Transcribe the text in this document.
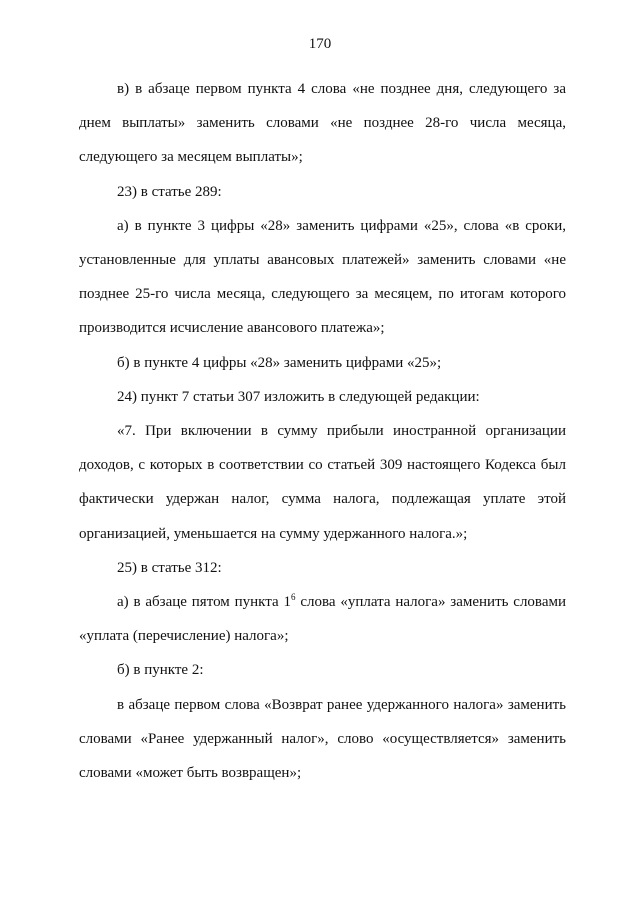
170

в) в абзаце первом пункта 4 слова «не позднее дня, следующего за днем выплаты» заменить словами «не позднее 28-го числа месяца, следующего за месяцем выплаты»;

23) в статье 289:

а) в пункте 3 цифры «28» заменить цифрами «25», слова «в сроки, установленные для уплаты авансовых платежей» заменить словами «не позднее 25-го числа месяца, следующего за месяцем, по итогам которого производится исчисление авансового платежа»;

б) в пункте 4 цифры «28» заменить цифрами «25»;

24) пункт 7 статьи 307 изложить в следующей редакции:

«7. При включении в сумму прибыли иностранной организации доходов, с которых в соответствии со статьей 309 настоящего Кодекса был фактически удержан налог, сумма налога, подлежащая уплате этой организацией, уменьшается на сумму удержанного налога.»;

25) в статье 312:

а) в абзаце пятом пункта $1^6$ слова «уплата налога» заменить словами «уплата (перечисление) налога»;

б) в пункте 2:

в абзаце первом слова «Возврат ранее удержанного налога» заменить словами «Ранее удержанный налог», слово «осуществляется» заменить словами «может быть возвращен»;
